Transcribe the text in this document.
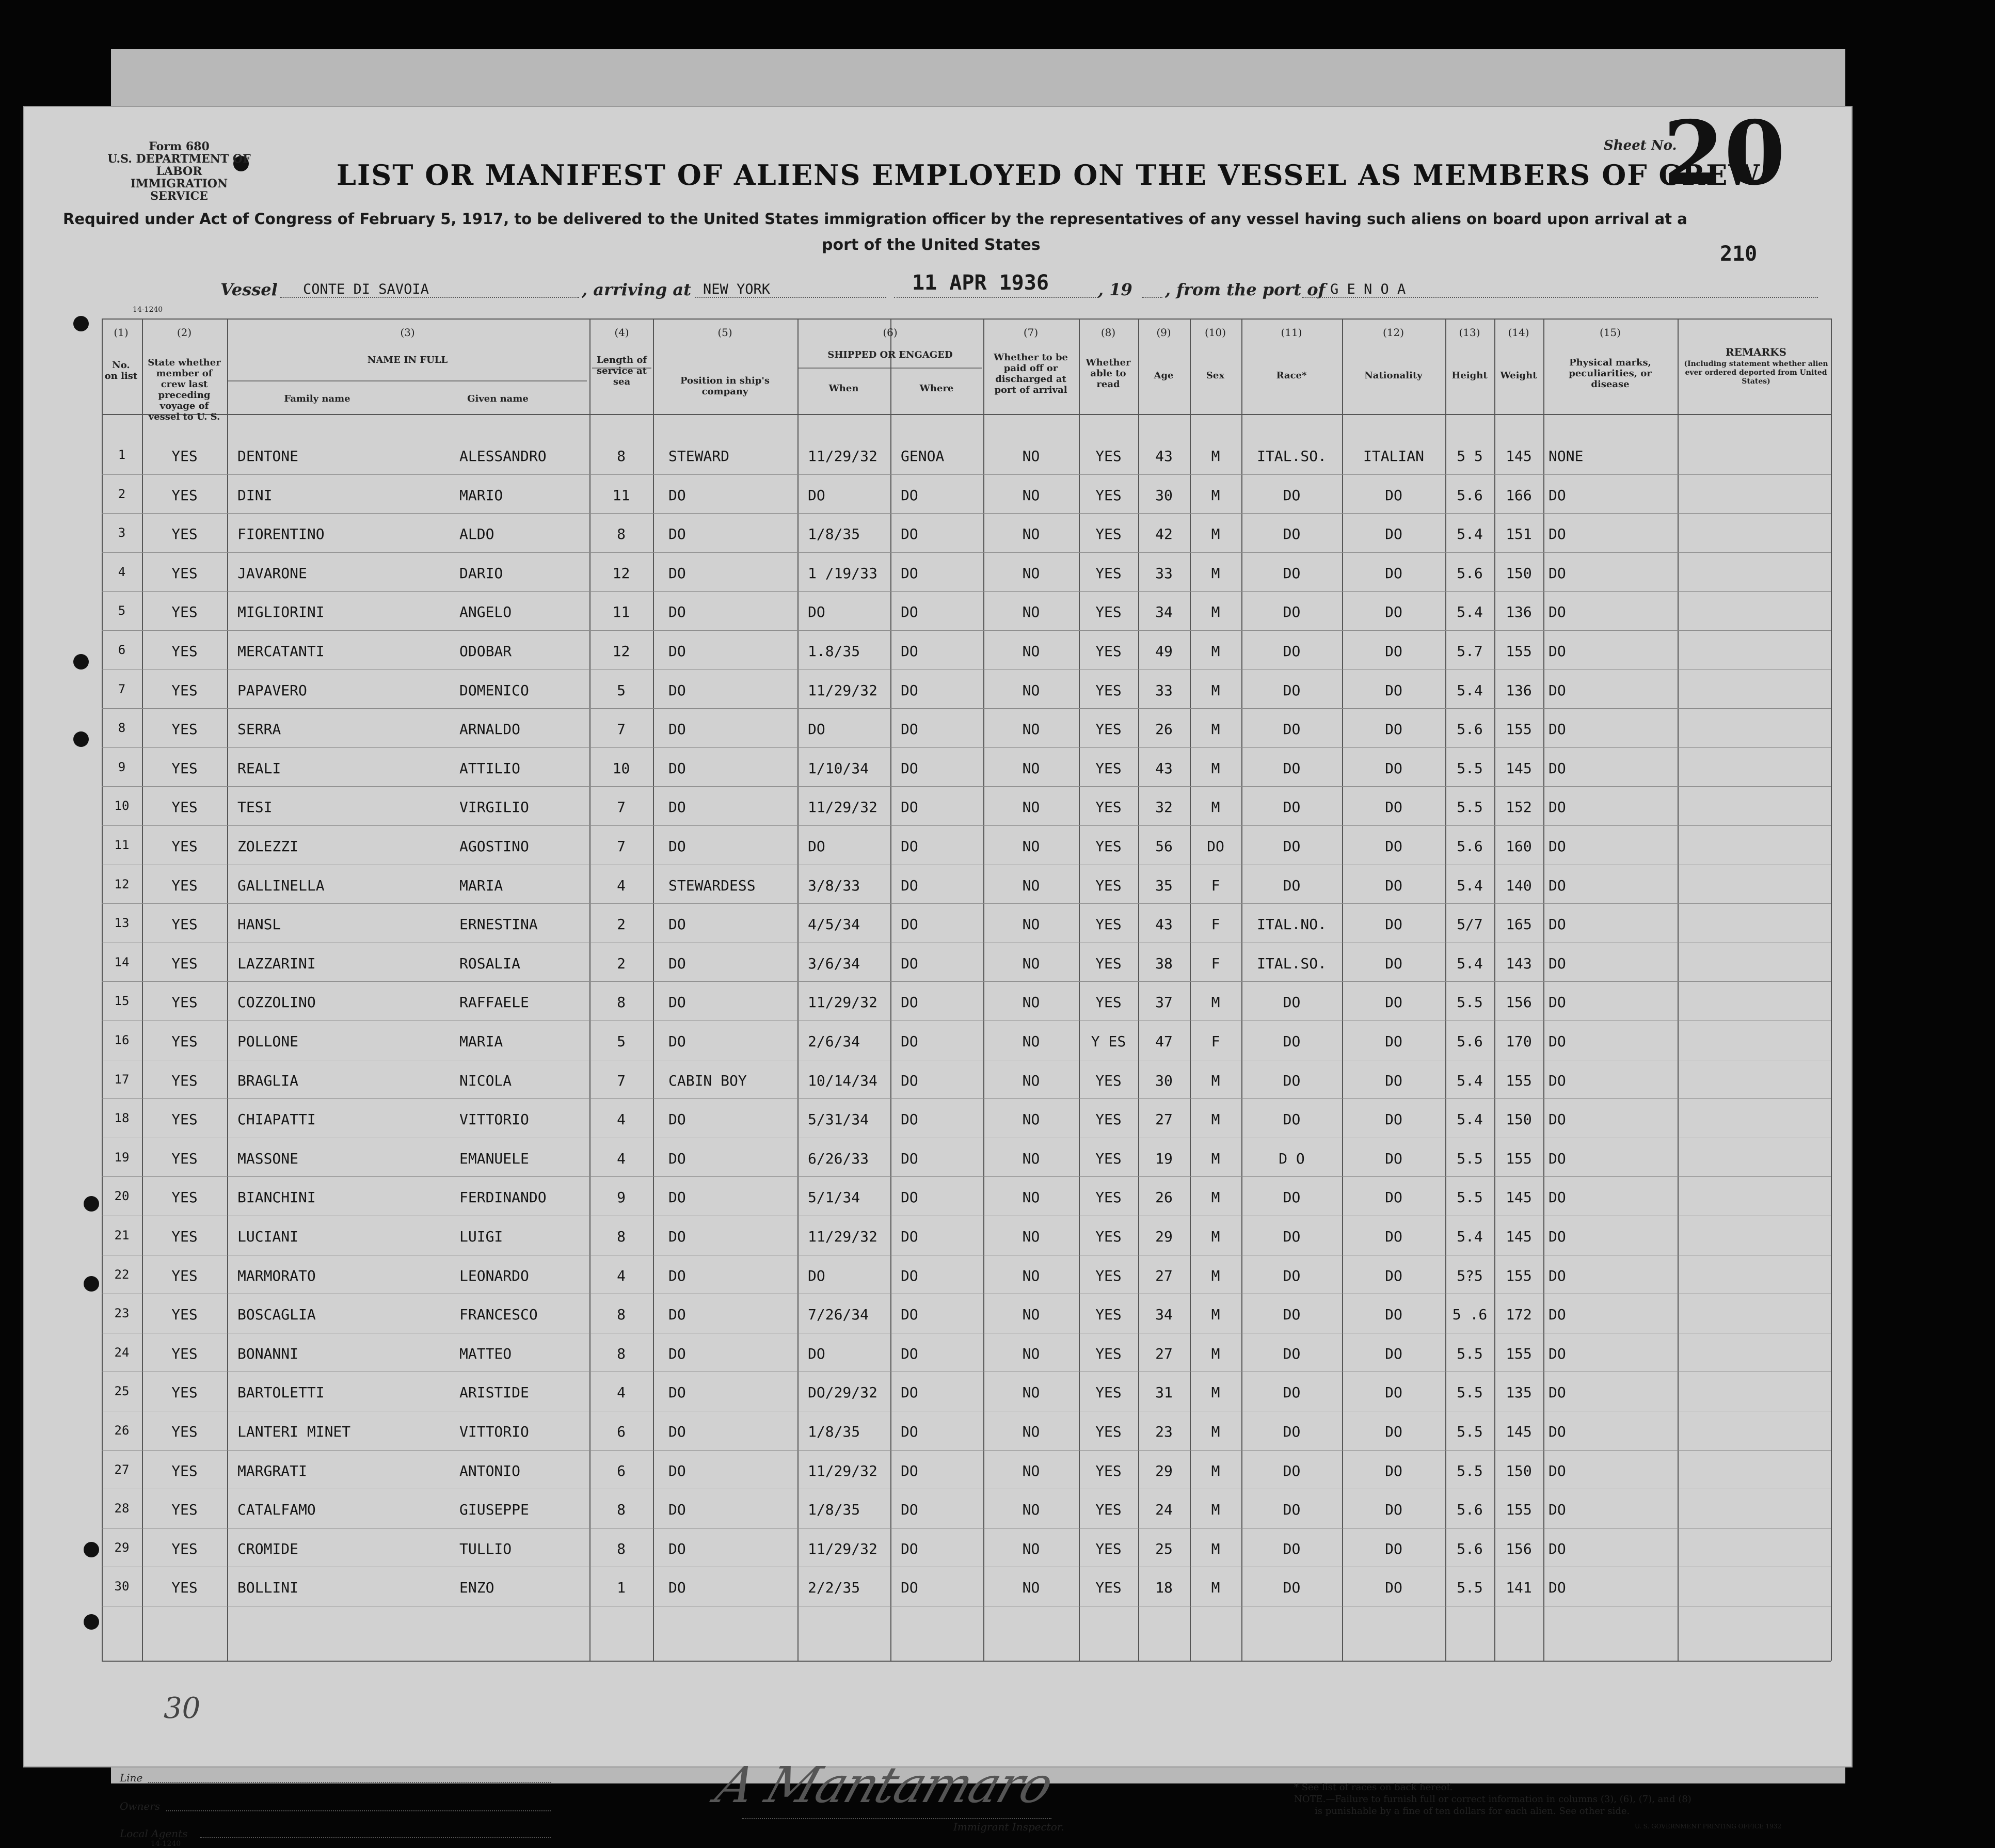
Form 680
U.S. DEPARTMENT OF LABOR
IMMIGRATION SERVICE
LIST OR MANIFEST OF ALIENS EMPLOYED ON THE VESSEL AS MEMBERS OF CREW
Required under Act of Congress of February 5, 1917, to be delivered to the United States immigration officer by the representatives of any vessel having such aliens on board upon arrival at a
port of the United States
Sheet No.
20
210
Vessel CONTE DI SAVOIA	, arriving at NEW YORK	11 APR 1936	, 19 , from the port of G E N O A
14-1240
(1)
No. on list
(2)
State whether member of crew last preceding voyage of vessel to U. S.
(3)
NAME IN FULL
Family name	Given name
(4)
Length of service at sea
(5)
Position in ship's company
(6)
SHIPPED OR ENGAGED
When	Where
(7)
Whether to be paid off or discharged at port of arrival
(8)
Whether able to read
(9)
Age
(10)
Sex
(11)
Race*
(12)
Nationality
(13)
Height
(14)
Weight
(15)
Physical marks, peculiarities, or disease
REMARKS
(Including statement whether alien ever ordered deported from United States)
1	YES	DENTONE	ALESSANDRO	8	STEWARD	11/29/32	GENOA	NO	YES	43	M	ITAL.SO.	ITALIAN	5 5	145	NONE
2	YES	DINI	MARIO	11	DO	DO	DO	NO	YES	30	M	DO	DO	5.6	166	DO
3	YES	FIORENTINO	ALDO	8	DO	1/8/35	DO	NO	YES	42	M	DO	DO	5.4	151	DO
4	YES	JAVARONE	DARIO	12	DO	1 /19/33	DO	NO	YES	33	M	DO	DO	5.6	150	DO
5	YES	MIGLIORINI	ANGELO	11	DO	DO	DO	NO	YES	34	M	DO	DO	5.4	136	DO
6	YES	MERCATANTI	ODOBAR	12	DO	1.8/35	DO	NO	YES	49	M	DO	DO	5.7	155	DO
7	YES	PAPAVERO	DOMENICO	5	DO	11/29/32	DO	NO	YES	33	M	DO	DO	5.4	136	DO
8	YES	SERRA	ARNALDO	7	DO	DO	DO	NO	YES	26	M	DO	DO	5.6	155	DO
9	YES	REALI	ATTILIO	10	DO	1/10/34	DO	NO	YES	43	M	DO	DO	5.5	145	DO
10	YES	TESI	VIRGILIO	7	DO	11/29/32	DO	NO	YES	32	M	DO	DO	5.5	152	DO
11	YES	ZOLEZZI	AGOSTINO	7	DO	DO	DO	NO	YES	56	DO	DO	DO	5.6	160	DO
12	YES	GALLINELLA	MARIA	4	STEWARDESS	3/8/33	DO	NO	YES	35	F	DO	DO	5.4	140	DO
13	YES	HANSL	ERNESTINA	2	DO	4/5/34	DO	NO	YES	43	F	ITAL.NO.	DO	5/7	165	DO
14	YES	LAZZARINI	ROSALIA	2	DO	3/6/34	DO	NO	YES	38	F	ITAL.SO.	DO	5.4	143	DO
15	YES	COZZOLINO	RAFFAELE	8	DO	11/29/32	DO	NO	YES	37	M	DO	DO	5.5	156	DO
16	YES	POLLONE	MARIA	5	DO	2/6/34	DO	NO	Y ES	47	F	DO	DO	5.6	170	DO
17	YES	BRAGLIA	NICOLA	7	CABIN BOY	10/14/34	DO	NO	YES	30	M	DO	DO	5.4	155	DO
18	YES	CHIAPATTI	VITTORIO	4	DO	5/31/34	DO	NO	YES	27	M	DO	DO	5.4	150	DO
19	YES	MASSONE	EMANUELE	4	DO	6/26/33	DO	NO	YES	19	M	D O	DO	5.5	155	DO
20	YES	BIANCHINI	FERDINANDO	9	DO	5/1/34	DO	NO	YES	26	M	DO	DO	5.5	145	DO
21	YES	LUCIANI	LUIGI	8	DO	11/29/32	DO	NO	YES	29	M	DO	DO	5.4	145	DO
22	YES	MARMORATO	LEONARDO	4	DO	DO	DO	NO	YES	27	M	DO	DO	5?5	155	DO
23	YES	BOSCAGLIA	FRANCESCO	8	DO	7/26/34	DO	NO	YES	34	M	DO	DO	5 .6	172	DO
24	YES	BONANNI	MATTEO	8	DO	DO	DO	NO	YES	27	M	DO	DO	5.5	155	DO
25	YES	BARTOLETTI	ARISTIDE	4	DO	DO/29/32	DO	NO	YES	31	M	DO	DO	5.5	135	DO
26	YES	LANTERI MINET	VITTORIO	6	DO	1/8/35	DO	NO	YES	23	M	DO	DO	5.5	145	DO
27	YES	MARGRATI	ANTONIO	6	DO	11/29/32	DO	NO	YES	29	M	DO	DO	5.5	150	DO
28	YES	CATALFAMO	GIUSEPPE	8	DO	1/8/35	DO	NO	YES	24	M	DO	DO	5.6	155	DO
29	YES	CROMIDE	TULLIO	8	DO	11/29/32	DO	NO	YES	25	M	DO	DO	5.6	156	DO
30	YES	BOLLINI	ENZO	1	DO	2/2/35	DO	NO	YES	18	M	DO	DO	5.5	141	DO
30
Line
Owners
Local Agents
14-1240
A Mantamaro
Immigrant Inspector.
* See list of races on back hereof.
NOTE.—Failure to furnish full or correct information in columns (3), (6), (7), and (8)
is punishable by a fine of ten dollars for each alien. See other side.
U. S. GOVERNMENT PRINTING OFFICE 1932
